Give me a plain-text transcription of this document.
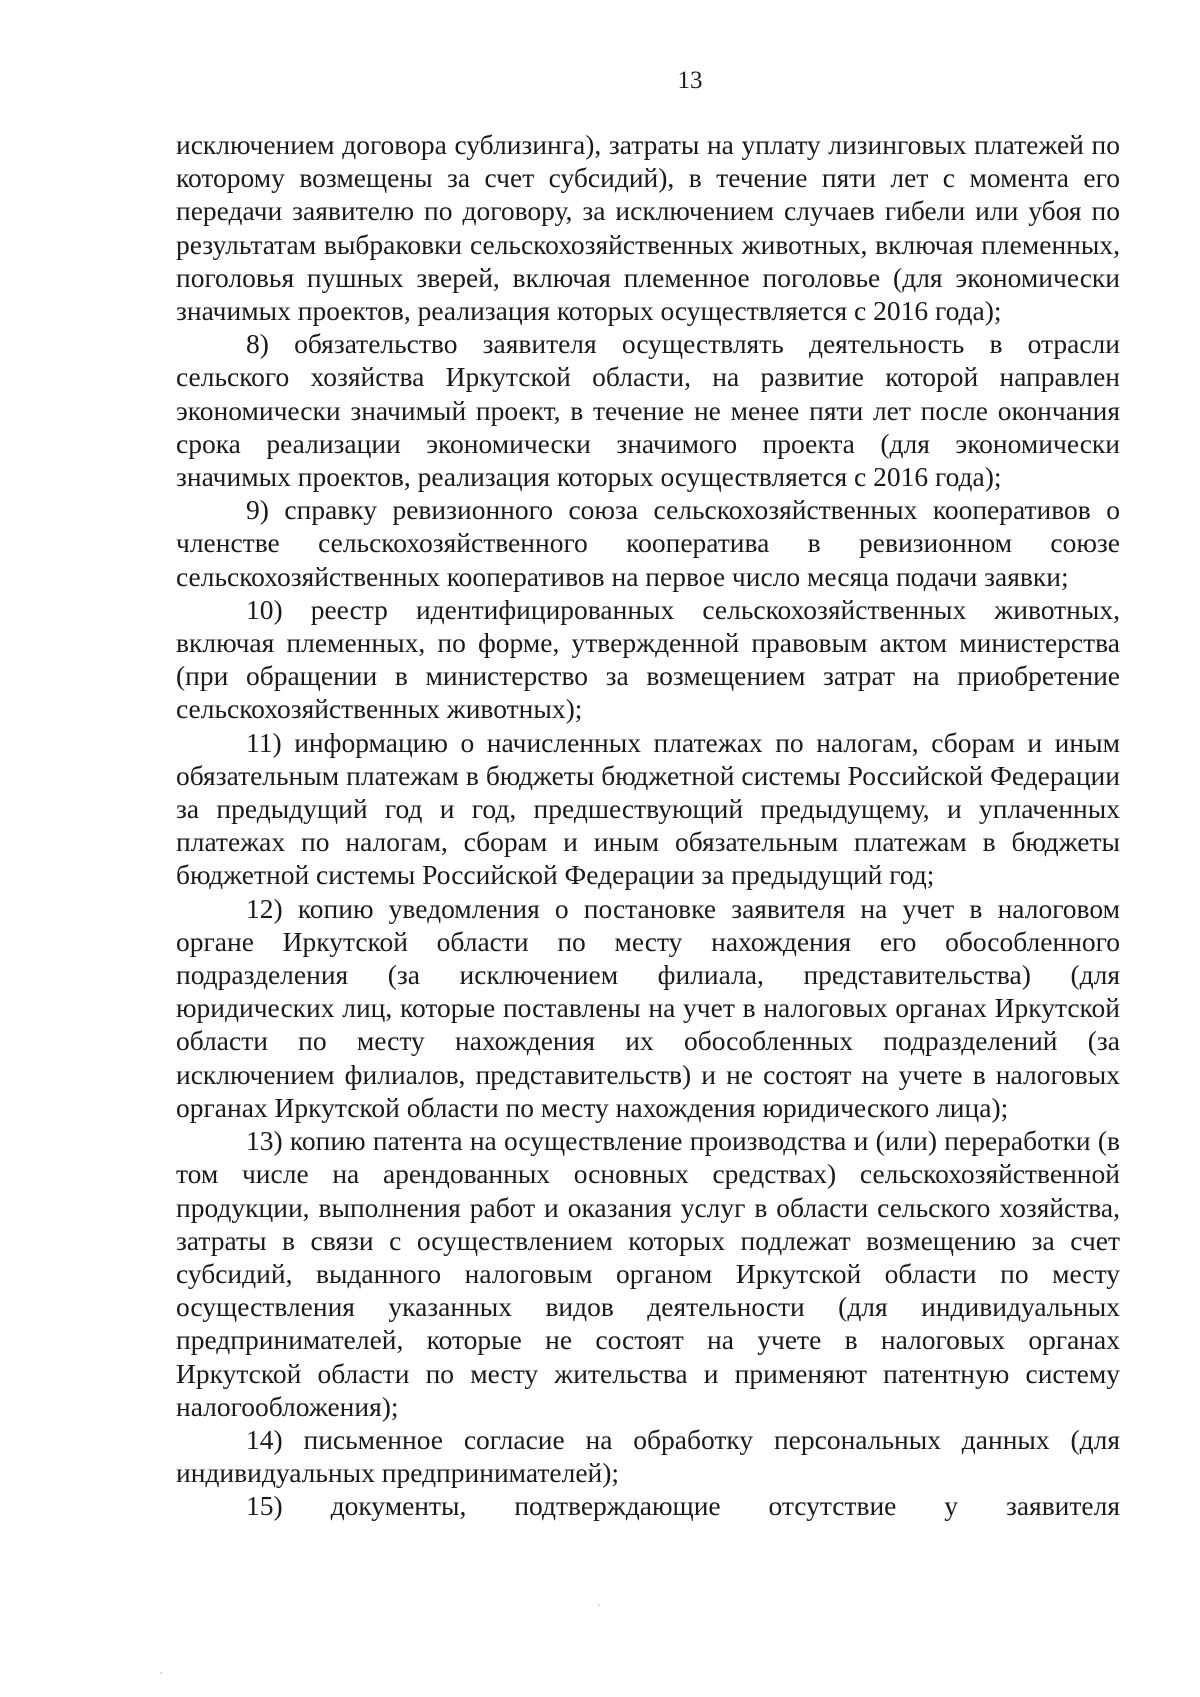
13

исключением договора сублизинга), затраты на уплату лизинговых платежей по которому возмещены за счет субсидий), в течение пяти лет с момента его передачи заявителю по договору, за исключением случаев гибели или убоя по результатам выбраковки сельскохозяйственных животных, включая племенных, поголовья пушных зверей, включая племенное поголовье (для экономически значимых проектов, реализация которых осуществляется с 2016 года);

8) обязательство заявителя осуществлять деятельность в отрасли сельского хозяйства Иркутской области, на развитие которой направлен экономически значимый проект, в течение не менее пяти лет после окончания срока реализации экономически значимого проекта (для экономически значимых проектов, реализация которых осуществляется с 2016 года);

9) справку ревизионного союза сельскохозяйственных кооперативов о членстве сельскохозяйственного кооператива в ревизионном союзе сельскохозяйственных кооперативов на первое число месяца подачи заявки;

10) реестр идентифицированных сельскохозяйственных животных, включая племенных, по форме, утвержденной правовым актом министерства (при обращении в министерство за возмещением затрат на приобретение сельскохозяйственных животных);

11) информацию о начисленных платежах по налогам, сборам и иным обязательным платежам в бюджеты бюджетной системы Российской Федерации за предыдущий год и год, предшествующий предыдущему, и уплаченных платежах по налогам, сборам и иным обязательным платежам в бюджеты бюджетной системы Российской Федерации за предыдущий год;

12) копию уведомления о постановке заявителя на учет в налоговом органе Иркутской области по месту нахождения его обособленного подразделения (за исключением филиала, представительства) (для юридических лиц, которые поставлены на учет в налоговых органах Иркутской области по месту нахождения их обособленных подразделений (за исключением филиалов, представительств) и не состоят на учете в налоговых органах Иркутской области по месту нахождения юридического лица);

13) копию патента на осуществление производства и (или) переработки (в том числе на арендованных основных средствах) сельскохозяйственной продукции, выполнения работ и оказания услуг в области сельского хозяйства, затраты в связи с осуществлением которых подлежат возмещению за счет субсидий, выданного налоговым органом Иркутской области по месту осуществления указанных видов деятельности (для индивидуальных предпринимателей, которые не состоят на учете в налоговых органах Иркутской области по месту жительства и применяют патентную систему налогообложения);

14) письменное согласие на обработку персональных данных (для индивидуальных предпринимателей);

15) документы, подтверждающие отсутствие у заявителя
